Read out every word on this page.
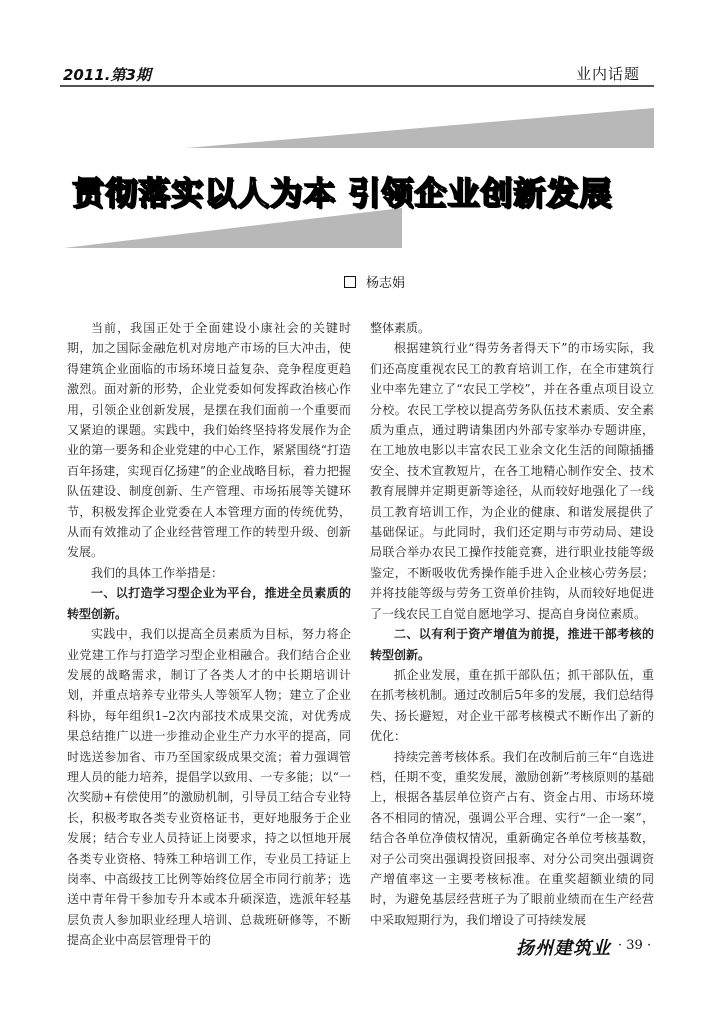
2011.第3期	业内话题
贯彻落实以人为本 引领企业创新发展
杨志娟

当前，我国正处于全面建设小康社会的关键时期，加之国际金融危机对房地产市场的巨大冲击，使得建筑企业面临的市场环境日益复杂、竞争程度更趋激烈。面对新的形势，企业党委如何发挥政治核心作用，引领企业创新发展，是摆在我们面前一个重要而又紧迫的课题。实践中，我们始终坚持将发展作为企业的第一要务和企业党建的中心工作，紧紧围绕“打造百年扬建，实现百亿扬建”的企业战略目标，着力把握队伍建设、制度创新、生产管理、市场拓展等关键环节，积极发挥企业党委在人本管理方面的传统优势，从而有效推动了企业经营管理工作的转型升级、创新发展。

我们的具体工作举措是：

一、以打造学习型企业为平台，推进全员素质的转型创新。

实践中，我们以提高全员素质为目标，努力将企业党建工作与打造学习型企业相融合。我们结合企业发展的战略需求，制订了各类人才的中长期培训计划，并重点培养专业带头人等领军人物；建立了企业科协，每年组织1–2次内部技术成果交流，对优秀成果总结推广以进一步推动企业生产力水平的提高，同时选送参加省、市乃至国家级成果交流；着力强调管理人员的能力培养，提倡学以致用、一专多能；以“一次奖励+有偿使用”的激励机制，引导员工结合专业特长，积极考取各类专业资格证书，更好地服务于企业发展；结合专业人员持证上岗要求，持之以恒地开展各类专业资格、特殊工种培训工作，专业员工持证上岗率、中高级技工比例等始终位居全市同行前茅；选送中青年骨干参加专升本或本升硕深造，选派年轻基层负责人参加职业经理人培训、总裁班研修等，不断提高企业中高层管理骨干的

整体素质。

根据建筑行业“得劳务者得天下”的市场实际，我们还高度重视农民工的教育培训工作，在全市建筑行业中率先建立了“农民工学校”，并在各重点项目设立分校。农民工学校以提高劳务队伍技术素质、安全素质为重点，通过聘请集团内外部专家举办专题讲座，在工地放电影以丰富农民工业余文化生活的间隙插播安全、技术宣教短片，在各工地精心制作安全、技术教育展牌并定期更新等途径，从而较好地强化了一线员工教育培训工作，为企业的健康、和谐发展提供了基础保证。与此同时，我们还定期与市劳动局、建设局联合举办农民工操作技能竞赛，进行职业技能等级鉴定，不断吸收优秀操作能手进入企业核心劳务层；并将技能等级与劳务工资单价挂钩，从而较好地促进了一线农民工自觉自愿地学习、提高自身岗位素质。

二、以有利于资产增值为前提，推进干部考核的转型创新。

抓企业发展，重在抓干部队伍；抓干部队伍，重在抓考核机制。通过改制后5年多的发展，我们总结得失、扬长避短，对企业干部考核模式不断作出了新的优化：

持续完善考核体系。我们在改制后前三年“自选进档，任期不变，重奖发展，激励创新”考核原则的基础上，根据各基层单位资产占有、资金占用、市场环境各不相同的情况，强调公平合理、实行“一企一案”，结合各单位净债权情况，重新确定各单位考核基数，对子公司突出强调投资回报率、对分公司突出强调资产增值率这一主要考核标准。在重奖超额业绩的同时，为避免基层经营班子为了眼前业绩而在生产经营中采取短期行为，我们增设了可持续发展

扬州建筑业 · 39 ·
